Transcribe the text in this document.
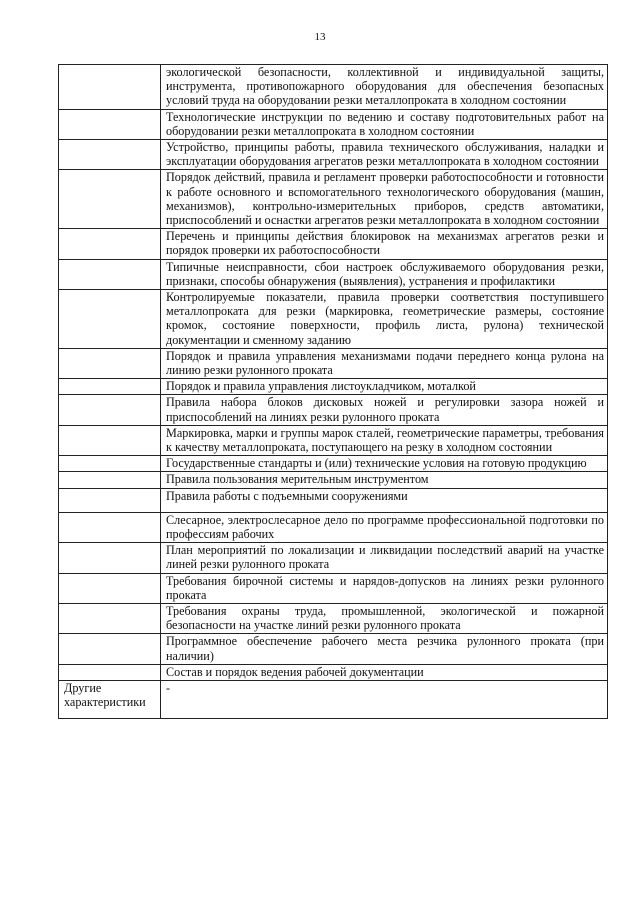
13
	экологической безопасности, коллективной и индивидуальной защиты, инструмента, противопожарного оборудования для обеспечения безопасных условий труда на оборудовании резки металлопроката в холодном состоянии
	Технологические инструкции по ведению и составу подготовительных работ на оборудовании резки металлопроката в холодном состоянии
	Устройство, принципы работы, правила технического обслуживания, наладки и эксплуатации оборудования агрегатов резки металлопроката в холодном состоянии
	Порядок действий, правила и регламент проверки работоспособности и готовности к работе основного и вспомогательного технологического оборудования (машин, механизмов), контрольно-измерительных приборов, средств автоматики, приспособлений и оснастки агрегатов резки металлопроката в холодном состоянии
	Перечень и принципы действия блокировок на механизмах агрегатов резки и порядок проверки их работоспособности
	Типичные неисправности, сбои настроек обслуживаемого оборудования резки, признаки, способы обнаружения (выявления), устранения и профилактики
	Контролируемые показатели, правила проверки соответствия поступившего металлопроката для резки (маркировка, геометрические размеры, состояние кромок, состояние поверхности, профиль листа, рулона) технической документации и сменному заданию
	Порядок и правила управления механизмами подачи переднего конца рулона на линию резки рулонного проката
	Порядок и правила управления листоукладчиком, моталкой
	Правила набора блоков дисковых ножей и регулировки зазора ножей и приспособлений на линиях резки рулонного проката
	Маркировка, марки и группы марок сталей, геометрические параметры, требования к качеству металлопроката, поступающего на резку в холодном состоянии
	Государственные стандарты и (или) технические условия на готовую продукцию
	Правила пользования мерительным инструментом
	Правила работы с подъемными сооружениями
	Слесарное, электрослесарное дело по программе профессиональной подготовки по профессиям рабочих
	План мероприятий по локализации и ликвидации последствий аварий на участке линей резки рулонного проката
	Требования бирочной системы и нарядов-допусков на линиях резки рулонного проката
	Требования охраны труда, промышленной, экологической и пожарной безопасности на участке линий резки рулонного проката
	Программное обеспечение рабочего места резчика рулонного проката (при наличии)
	Состав и порядок ведения рабочей документации
Другие характеристики	-
